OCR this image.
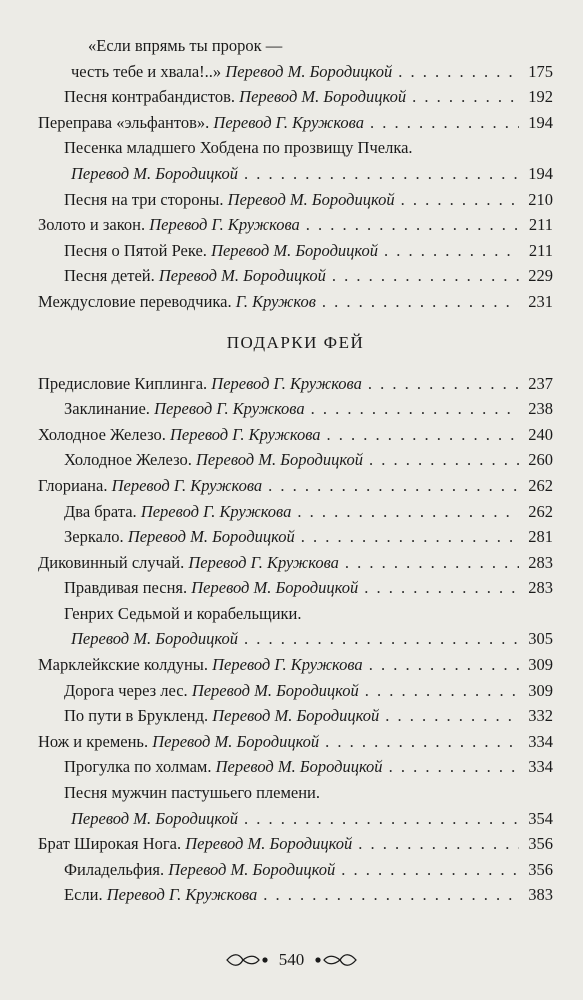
«Если впрямь ты пророк —
честь тебе и хвала!..» Перевод М. Бородицкой . . .	175
Песня контрабандистов. Перевод М. Бородицкой . . .	192
Переправа «эльфантов». Перевод Г. Кружкова . . .	194
Песенка младшего Хобдена по прозвищу Пчелка.
Перевод М. Бородицкой . . .	194
Песня на три стороны. Перевод М. Бородицкой . . .	210
Золото и закон. Перевод Г. Кружкова . . .	211
Песня о Пятой Реке. Перевод М. Бородицкой . . .	211
Песня детей. Перевод М. Бородицкой . . .	229
Междусловие переводчика. Г. Кружков . . .	231
ПОДАРКИ ФЕЙ
Предисловие Киплинга. Перевод Г. Кружкова . . .	237
Заклинание. Перевод Г. Кружкова . . .	238
Холодное Железо. Перевод Г. Кружкова . . .	240
Холодное Железо. Перевод М. Бородицкой . . .	260
Глориана. Перевод Г. Кружкова . . .	262
Два брата. Перевод Г. Кружкова . . .	262
Зеркало. Перевод М. Бородицкой . . .	281
Диковинный случай. Перевод Г. Кружкова . . .	283
Правдивая песня. Перевод М. Бородицкой . . .	283
Генрих Седьмой и корабельщики.
Перевод М. Бородицкой . . .	305
Марклейкские колдуны. Перевод Г. Кружкова . . .	309
Дорога через лес. Перевод М. Бородицкой . . .	309
По пути в Брукленд. Перевод М. Бородицкой . . .	332
Нож и кремень. Перевод М. Бородицкой . . .	334
Прогулка по холмам. Перевод М. Бородицкой . . .	334
Песня мужчин пастушьего племени.
Перевод М. Бородицкой . . .	354
Брат Широкая Нога. Перевод М. Бородицкой . . .	356
Филадельфия. Перевод М. Бородицкой . . .	356
Если. Перевод Г. Кружкова . . .	383
540
